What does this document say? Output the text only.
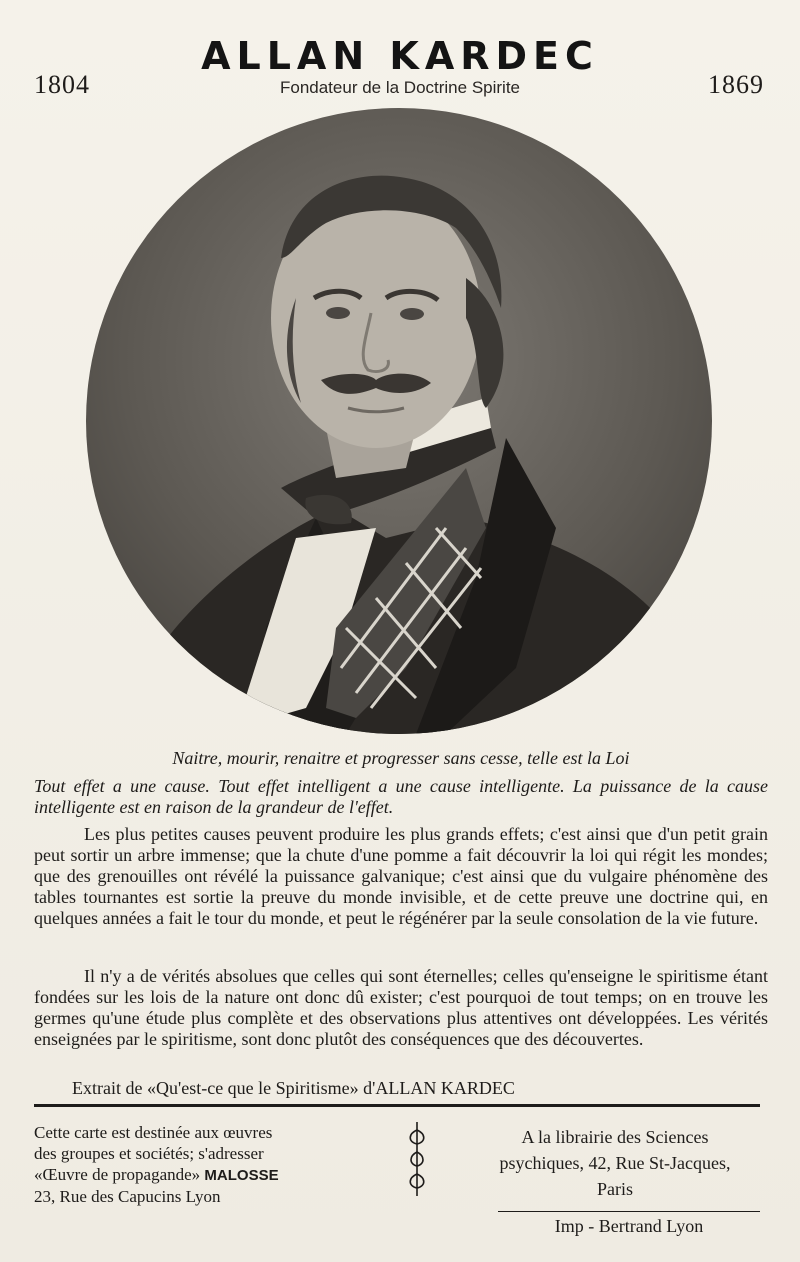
ALLAN KARDEC
1804	1869
Fondateur de la Doctrine Spirite
Naitre, mourir, renaitre et progresser sans cesse, telle est la Loi
Tout effet a une cause. Tout effet intelligent a une cause intelligente. La puissance de la cause intelligente est en raison de la grandeur de l'effet.
Les plus petites causes peuvent produire les plus grands effets; c'est ainsi que d'un petit grain peut sortir un arbre immense; que la chute d'une pomme a fait découvrir la loi qui régit les mondes; que des grenouilles ont révélé la puissance galvanique; c'est ainsi que du vulgaire phénomène des tables tournantes est sortie la preuve du monde invisible, et de cette preuve une doctrine qui, en quelques années a fait le tour du monde, et peut le régénérer par la seule consolation de la vie future.
Il n'y a de vérités absolues que celles qui sont éternelles; celles qu'enseigne le spiritisme étant fondées sur les lois de la nature ont donc dû exister; c'est pourquoi de tout temps; on en trouve les germes qu'une étude plus complète et des observations plus attentives ont développées. Les vérités enseignées par le spiritisme, sont donc plutôt des conséquences que des découvertes.
Extrait de «Qu'est-ce que le Spiritisme» d'ALLAN KARDEC
Cette carte est destinée aux œuvres
des groupes et sociétés; s'adresser
«Œuvre de propagande» MALOSSE
23, Rue des Capucins Lyon
A la librairie des Sciences
psychiques, 42, Rue St-Jacques,
Paris
Imp - Bertrand Lyon
